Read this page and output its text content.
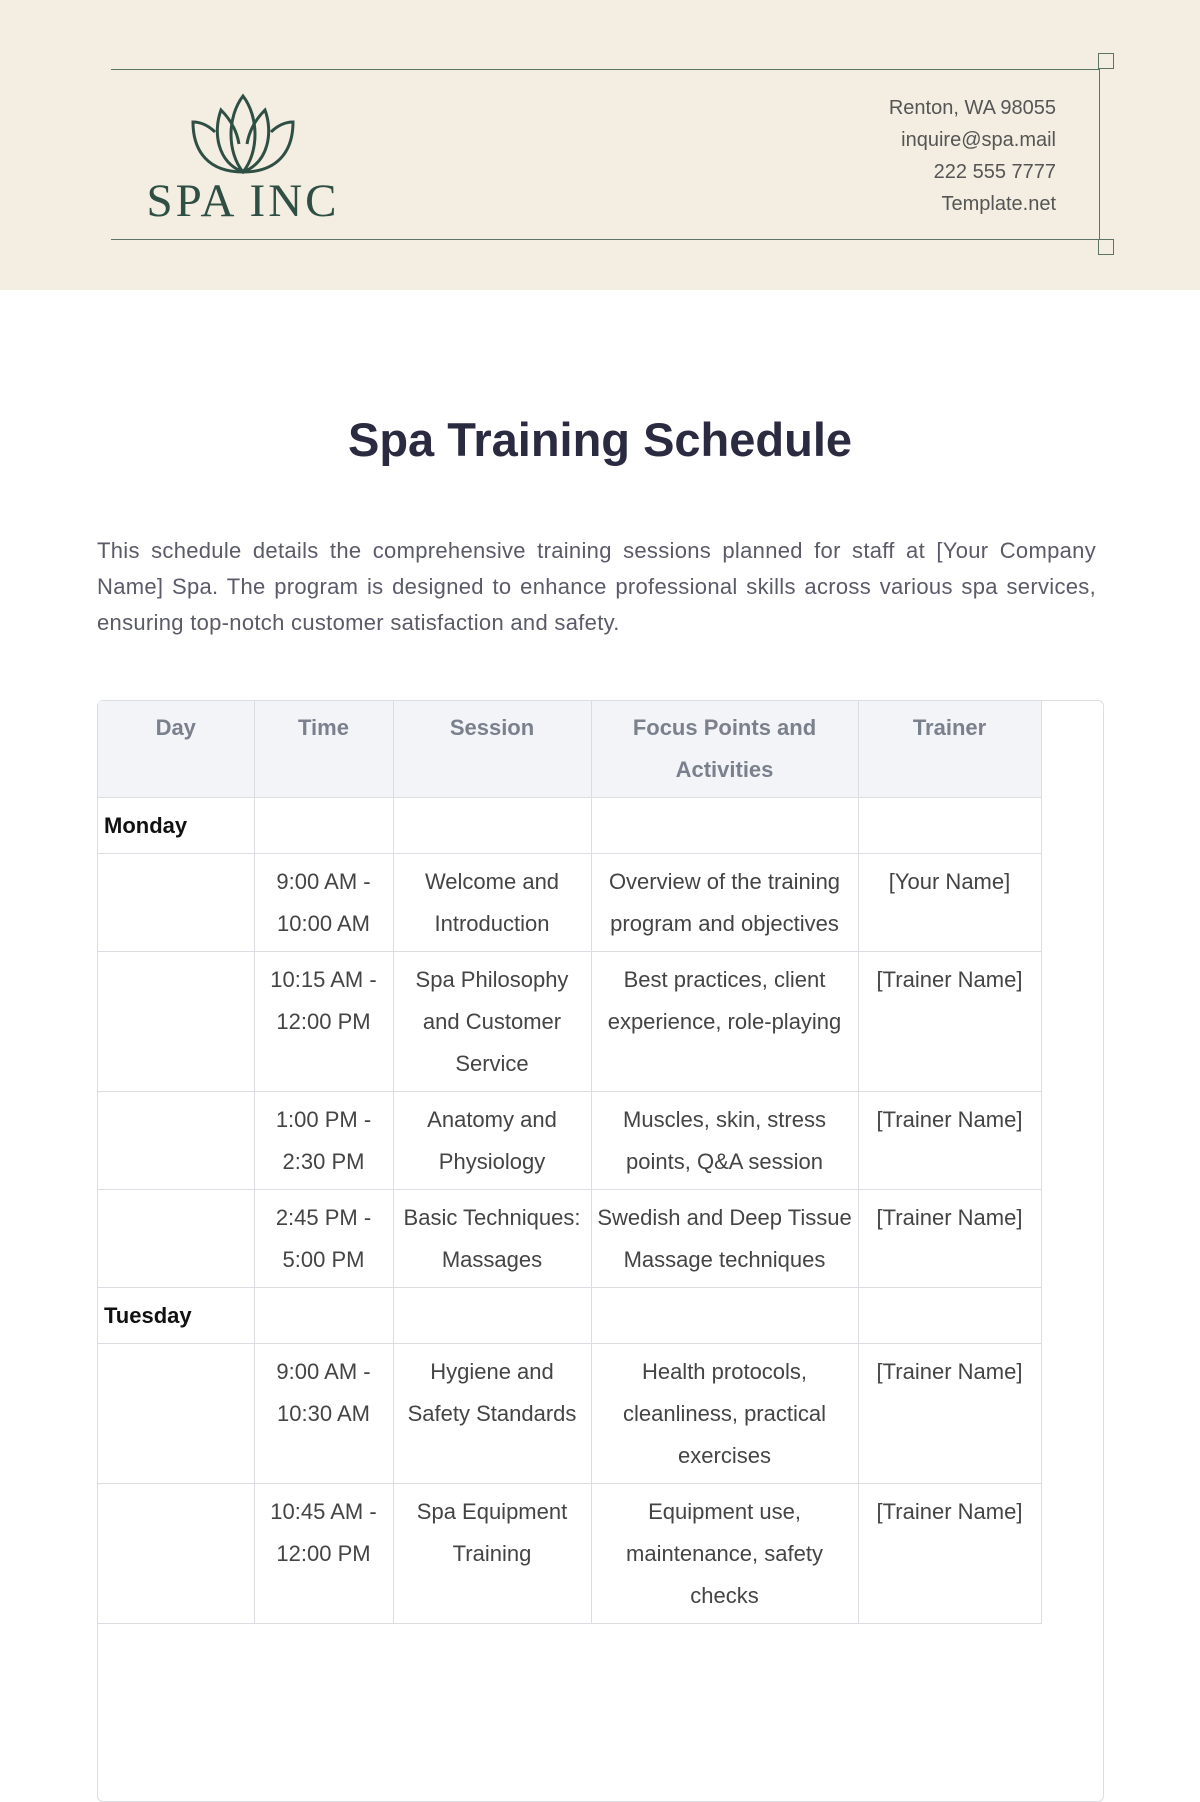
SPA INC
Renton, WA 98055
inquire@spa.mail
222 555 7777
Template.net
Spa Training Schedule
This schedule details the comprehensive training sessions planned for staff at [Your Company Name] Spa. The program is designed to enhance professional skills across various spa services, ensuring top-notch customer satisfaction and safety.
Day	Time	Session	Focus Points and Activities	Trainer
Monday				
	9:00 AM - 10:00 AM	Welcome and Introduction	Overview of the training program and objectives	[Your Name]
	10:15 AM - 12:00 PM	Spa Philosophy and Customer Service	Best practices, client experience, role-playing	[Trainer Name]
	1:00 PM - 2:30 PM	Anatomy and Physiology	Muscles, skin, stress points, Q&A session	[Trainer Name]
	2:45 PM - 5:00 PM	Basic Techniques: Massages	Swedish and Deep Tissue Massage techniques	[Trainer Name]
Tuesday				
	9:00 AM - 10:30 AM	Hygiene and Safety Standards	Health protocols, cleanliness, practical exercises	[Trainer Name]
	10:45 AM - 12:00 PM	Spa Equipment Training	Equipment use, maintenance, safety checks	[Trainer Name]
